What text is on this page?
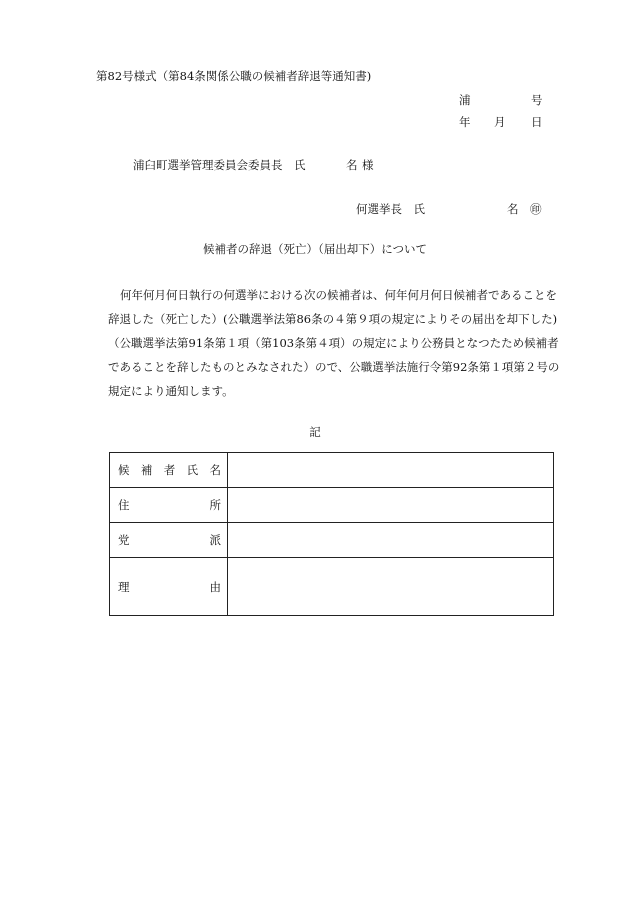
第82号様式（第84条関係公職の候補者辞退等通知書)
浦	号
年 月 日
浦臼町選挙管理委員会委員長　氏	名 様
何選挙長　氏	名 ㊞
候補者の辞退（死亡）（届出却下）について
何年何月何日執行の何選挙における次の候補者は、何年何月何日候補者であることを
辞退した（死亡した）(公職選挙法第86条の４第９項の規定によりその届出を却下した)
（公職選挙法第91条第１項（第103条第４項）の規定により公務員となつたため候補者
であることを辞したものとみなされた）ので、公職選挙法施行令第92条第１項第２号の
規定により通知します。
記
候 補 者 氏 名	

住 所	

党 派	

理 由	
